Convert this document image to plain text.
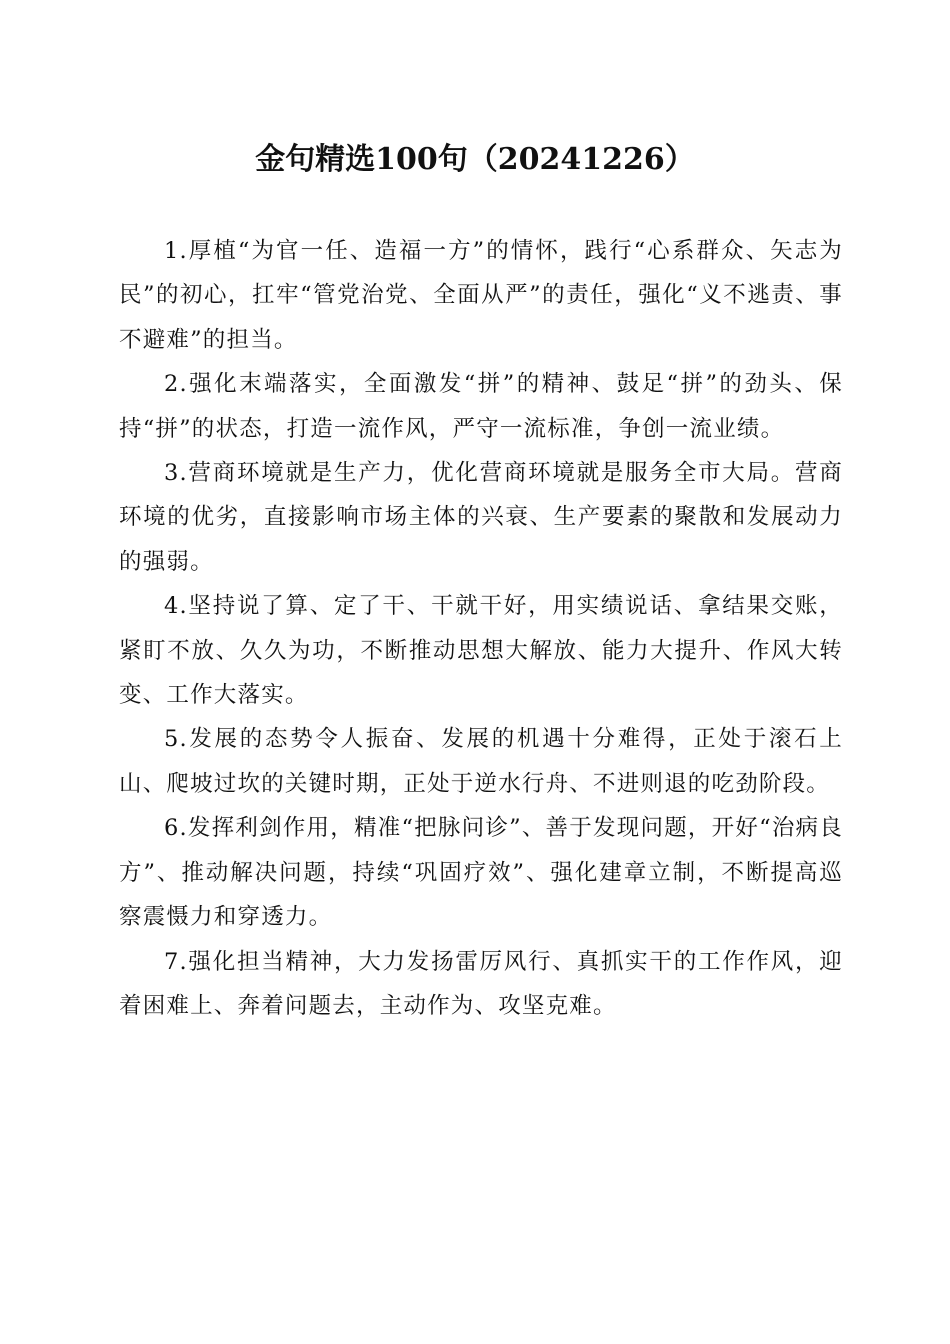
金句精选100句（20241226）

1.厚植“为官一任、造福一方”的情怀，践行“心系群众、矢志为民”的初心，扛牢“管党治党、全面从严”的责任，强化“义不逃责、事不避难”的担当。

2.强化末端落实，全面激发“拼”的精神、鼓足“拼”的劲头、保持“拼”的状态，打造一流作风，严守一流标准，争创一流业绩。

3.营商环境就是生产力，优化营商环境就是服务全市大局。营商环境的优劣，直接影响市场主体的兴衰、生产要素的聚散和发展动力的强弱。

4.坚持说了算、定了干、干就干好，用实绩说话、拿结果交账，紧盯不放、久久为功，不断推动思想大解放、能力大提升、作风大转变、工作大落实。

5.发展的态势令人振奋、发展的机遇十分难得，正处于滚石上山、爬坡过坎的关键时期，正处于逆水行舟、不进则退的吃劲阶段。

6.发挥利剑作用，精准“把脉问诊”、善于发现问题，开好“治病良方”、推动解决问题，持续“巩固疗效”、强化建章立制，不断提高巡察震慑力和穿透力。

7.强化担当精神，大力发扬雷厉风行、真抓实干的工作作风，迎着困难上、奔着问题去，主动作为、攻坚克难。
